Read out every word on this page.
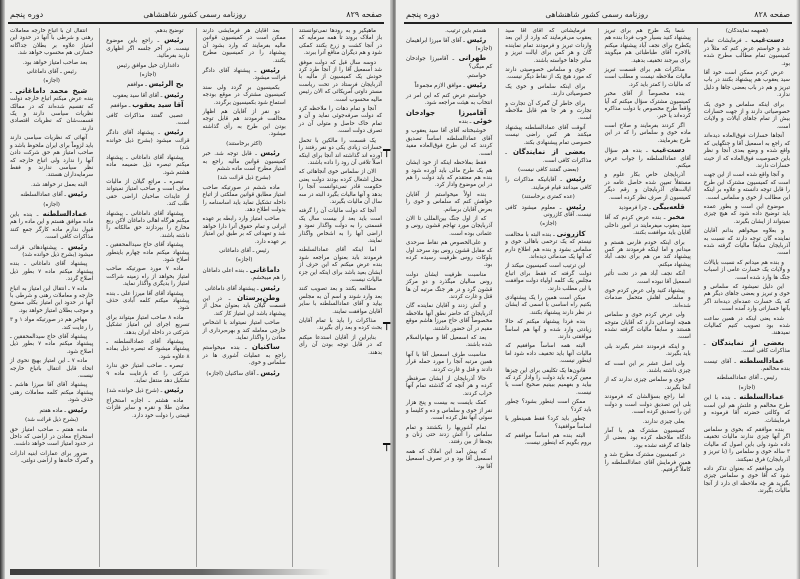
صفحه ۸۲۹
روزنامه رسمی کشور شاهنشاهی
دوره پنجم

ماهیگیر و به رودها نمی‌توانستند باز املاک بروند تا همه سرمایه که در آنجا کشت و زرع بکنند کمکی شود و هم دیگران منافع آنرا ببرند.

دوسه سال قبل که دولت موفق شد اسمعیل آقا را از آنجا طرد کرد خودش یک کمیسیون از مالیه با آذربایجان فرستاد در تحت ریاست مستر داوتی آمریکائی که الان رئیس مالیه محسوب است.

آنجا و تمام دهات را ملاحظه کرد که دولت صرفه‌جوئی نماید و آن و تمام خاک حاصل و متولی آن در تصرف دولت است.

یک قسمت را مالکین با تحمل خسارات زیادی یکی دو نفر رفتند را آورده اند گذاشته اند آنجا برای اینکه اصلاً تلافی آن رود را داده باشند.

الان از سلماس خوی آنجاهائی که محل اشغال کرده بودند دولت یعنی حکومت قادر نمی‌توانست آنجا را بدهد و آنها مالیات بگیرد البته در سه سال آن مالیات بگیرند.

آنجا که دولت مالیات آن را گرفته است باید بعد از بیست سال یک قسمتی را به دولت واگذار نمود و اراضی آنها را به اشخاص واگذار نمایند.

اما اینکه آقای عمادالسلطنه فرمودند باید بعنوان مراجعه شود بنده عرض میکنم که این حرف از ایشان بعید باشد برای اینکه این جزء مالیات نیست.

مطالعه بکنند و بعد تصویب کنند بعد وارد شوند و اسم آن به مجلس بیاید و آقای عمادالسلطنه با سایر آقایان موافقت نمایند.

مذاکرات را باید با تمام آقایان بحث کرده و بعد رأی بگیرند.

بنابراین از آقایان استدعا میکنم که در قابل توجه بودن آن رأی بدهند.

بعد آقایان هر فرمایشی دارند ممکن است در کمیسیون قوانین مالیه بفرمایند که وارد بشود آن پیشنهاد را در کمیسیون مطرح بکنند.

رئیس ـ پیشنهاد آقای دادگر قرائت میشود.

بکمیسیون بر گردد ولی سند کمیسیون مشترک در موقع بودجه استماع شود بکمیسیون برگردد.

دو نفر از آقایان هم اظهار مخالفت فرمودند هم قابل توجه بودن این طرح به رأی گذاشته میشود.

(اکثر برخاستند)

رئیس ـ قابل توجه شد. خبر کمیسیون قوانین مالیه راجع به امتیاز مطرح است ماده ششم

(بشرح ذیل قرائت شد)

ماده ششم در صورتیکه صاحب امتیاز مطابق قوانین مملکتی از اتباع داخله تشکیل نماید باید اساسنامه را بدولت اطلاع دهد.

صاحب امتیاز وارد رابطه بر عهده ایرانی و تمام حقوق آنرا دارا خواهد شد و تعهداتی که بر طبق این امتیاز بر عهده دارد.

رئیس ـ آقای داماغانی

(اجازه)

داماغانی ـ بنده اعلی داماغان را هم میبخشم.

رئیس ـ پیشنهاد آقای داماغانی

وطن‌پرستان ـ در این قسمت گیلان باید بعنوان محل از پیشنهاد باشد این امتیاز کار کند.

صاحب امتیاز نمیتواند با اشخاص خارجی معامله کند و بهره‌برداری از معادن را واگذار نماید.

ساکنیان ـ بنده میخواستم راجع به عملیات آشوری ها در سلماس و خوی.

رئیس ـ آقای ساکنیان (اجازه)

توضیح بدهم.

رئیس ـ راجع باین موضوع نیست. در آخر جلسه اگر اظهاری دارید بفرمائید.

داغداران خیل موافق رئیس

(اجازه)

یح الرئیس ـ موافقم

رئیس ـ آقای آقا سید یعقوب

آقا سید یعقوب ـ موافقم

عصبی گفتند مذاکرات کافی است.

رئیس ـ پیشنهاد آقای دادگر قرائت میشود (بشرح ذیل خوانده شد)

پیشنهاد آقای داماغانی ـ پیشنهاد میکنم تبصره ذیل ضمیمه ماده هشتم شود.

تبصره ـ مراتع گیلان از مالیات معاف است و صاحب امتیاز نمیتواند از عایدات صاحبان اراضی حقی طلب کند.

پیشنهاد آقای داماغانی ـ پیشنهاد میکنم هرگاه اهالی داماغان لاکن ربع مخارج را بپردازند حق مالکانه را داشته باشند.

پیشنهاد آقای حاج سیدالمحققین ـ پیشنهاد میکنم ماده چهارم باینطور اصلاح شود.

ماده ۷ مورد صورتیکه صاحب امتیاز بخواهد از راه زمینه شراکت امتیاز را بدیگری واگذار نماید.

پیشنهاد آقای آقا میرزا علی ـ بنده پیشنهاد میکنم کلمه آبادی حذف شود.

ماده ۸ صاحب امتیاز میتواند برای تسریع اجرای این امتیاز تشکیل شرکتی در داخله ایران بدهد.

پیشنهاد آقای عمادالسلطنه ـ پیشنهاد میشود که تبصره ذیل بماده ۸ علاوه شود.

تبصره ـ صاحب امتیاز حق ندارد شرکتی را که بارعایت ماده ۹ تشکیل دهد منتقل نماید.

رئیس ـ (شرح ذیل خوانده شد)

ماده هشتم ـ اجازه استخراج معادن طلا و نقره و سایر فلزات قیمتی را دولت خود دارد.

انتقال آن با اتباع خارجه معاملات رهنی و شرطی با آنها در حدود این امتیاز علاوه بر بطلان جداگانه خسارتی هم محسوب خواهد شد.

بعد صاحب امتیاز خواهد بود.

رئیس ـ آقای داماغانی

(اجازه)

شیخ محمد داماغانی ـ بنده عرض میکنم اتباع خارجه دولت که تقسیم شده‌اند که در ممالک نظریات سیاسی دارند و یک قسمت‌شان که نظریات اقتصادی دارند.

آنهائی که نظریات سیاسی دارند باید لزوماً برای ایران ملحوظ باشد و صاحب امتیاز هم حق شرکت دادن آنها را ندارد ولی اتباع خارجه که نظر سیاسی ندارند و فقط سرمایه‌داران هستند.

البته بعمل تر خواهد شد.

رئیس ـ آقای عمادالسلطنه

(اجازه)

عمادالسلطنه ـ بنده باین ماده موافق هستم و این ماده را هم قبول ندارم ماده کارگر جمع کنند مذاکرات کافی است.

رئیس ـ پیشنهادهائی قرائت میشود (بشرح ذیل خوانده شد)

پیشنهاد آقای داماغانی ـ بنده پیشنهاد میکنم ماده ۷ بطور ذیل اصلاح گردد.

ماده ۷ ـ انتقال این امتیاز به اتباع خارجه و معاملات رهنی و شرطی با آنها در حدود این امتیاز بکلی ممنوع و موجب بطلان امتیاز خواهد بود.

مهاجر هم در صورتیکه مواد ۱ و ۳ را رعایت کند.

پیشنهاد آقای حاج سیدالمحققین ـ پیشنهاد میکنم ماده ۷ بطور ذیل اصلاح شود.

ماده ۷ ـ این امتیاز بهیچ نحوی از انحاء قابل انتقال باتباع خارجه نیست.

پیشنهاد آقای آقا میرزا هاشم ـ پیشنهاد میکنم کلمه معاملات رهنی حذف شود.

رئیس ـ ماده هفتم

(بشرح ذیل قرائت شد)

ماده هفتم ـ صاحب امتیاز حق استخراج معادن در اراضی که داخل در حدود امتیاز است خواهد داشت.

ضرور برای عمارات ابنیه ادارات و گمرک خانه‌ها و اراضی دولتی.

┯
┯
┯
صفحه ۸۲۸
روزنامه رسمی کشور شاهنشاهی
دوره پنجم

(همهمه نمایندگان)

دست‌غیب ـ فرمایشات تمام شد و خواستم عرض کنم که مثلاً در کمیسیون تمام مطالب مطرح شده بود.

عرض کردم ممکن است خود آقا سید یعقوب هم پیشنهاد بکنند در باب تبریز و هم در باب بعضی جاها و دلیل ندارد.

برای اینکه سلماس و خوی یک خصوصیاتی دارند و از جهت خسارات بیش از تمام جاهای ایالات و ولایات است.

آنجاها خسارات فوق‌العاده دیده‌اند که راجع به اسمعیل آقا و جنگهایی که واقع شده و وضع بعدی آنجا و نظر باین خصوصیت فوق‌العاده که از حیث خسارات دارند.

و آنجا واقع شده است از این جهت است که کمیسیون مشترک این طرح را قابل توجه دانسته و علاوه بر اینکه این مطالب از خوی و سلماس است.

موضوع این است و بطور عمده باید توضیح داده شود که هیچ چیزی نمیتواند از ایشان بگیرند.

و بعلاوه میخواهم بدانم آقایان نماینده گان توجه دارند که نسبت به آذربایجان سابقاً مالیات گرفته شده است.

و بنده هم میدانم که نسبت بایالات و ولایات یک خسارت عامی از اسباب جنگ ها وارد شده است.

این دلیل نمیشود که سلماس و خوی و تبریز و بعضی جاهای دیگر هم که یک خسارت عمده‌ای دیده‌اند اگر بآنها خساراتی وارد آمده است.

شده یعنی اینکه در همین ساعت شده بود تصویب کنیم کمالیات نمیدهند.

بعضی از نمایندگان ـ مذاکرات کافی است.

عمادالسلطنه ـ آقای تیست بنده مخالفم.

رئیس ـ آقای عمادالسلطنه

(اجازه)

عمادالسلطنه ـ بنده با این طرح مخالفم و علتش هم این است که وکالتی حضرته آقا فرموده و فرمایشات.

بنده موافقم که بخوی و سلماس اگر آنها چیزی ندارند مالیات تخفیف داده شود ولی باین اصول که مالیات ۳ ساله خوی و سلماس را (با تبریز و آذربایجان) فرق نمیکنند.

ولی موافقم که بعنوان تذکر داده شود که آقا خوی و سلماس چیزی بگیرید هر چه ملاحظه ای دارد از آنجا مالیات بگیرند.

شما یک طرح هم برای تبریز پیشنهاد کنید بسیار خوب فردا بنده هم یکطرح برای نجف آباد پیشنهاد میکنم بالاخره آقای طباطبائی هم میگویند برای بیرجند تخفیف بدهید.

مذاکرات هم برای قسمت تبریز مالیات ملاحظه نیست و مطلب است که مالیات را کمتر باید کرد.

بنده مخصوصاً از آقای مخبر کمیسیون مشترک سؤال میکنم که آیا واقعاً طرح مخصوص با دولت مذاکره کرده‌اند یا خیر.

اگر کردند بفرمایند و صلاح است ماده خوی و سلماس را که در این طرح بفرمایند.

دست‌غیب ـ بنده هم سؤال آقای عمادالسلطنه را جواب عرض میکنم.

آذربایجان خاص بکار علوم و مستقلاً تعیین شده حاصل عامه در ایالت‌های آذربایجان و رقم دیگر کمیسیون از صرف نظر کرده است.

قلعه‌بیگی ـ چرا فرمودید

مخبر ـ بنده عرض کردم که آقا سید یعقوب میفرمایند در امور داخلی آقایان باید موافقت بکنند.

برای اینکه خودم فارس هستم و میدانم و اما اینکه فرمودند هر کس پیشنهاد کند من هم برای نجف آباد پیشنهاد میکنم.

آنکه نجف آباد هم در تحت تأثیر اسمعیل آقا نبوده است.

پیشنهاد کنید ولی عرض کردم خوی و سلماس اهلش متحمل صدمات شده‌اند.

ولی عرض کردم خوی و سلماس همچه اوضاعی دارد که آقایان متوجه هستند و سابقاً مالیات گرفته نشده است.

و اینکه فرمودند عشر بگیرند بلی باید بگیرند.

ولی اصل عشر بر این است که چیزی داشته باشند.

خوی و سلماس چیزی ندارند که از آنجا بگیرند.

اما راجع بسؤالشان که فرمودند بلی این تصدیق دولت است و دولت این را تصدیق کرده است.

بعلی چیزی ندارند.

کمیسیون مشترک هم با آمار دادگاه ملاحظه کرده بود بعضی از جاها که گرفته نشده بود.

در کمیسیون مشترک مطرح شد و همین فرمایش آقای عمادالسلطنه را کاملاً گرفتیم.

فرمایشاتی که آقای آقا سید یعقوب می‌فرمایند که وارد از این بعد واردات تبریز و فرمودند تمام نماینده گان و هر کس برای ایالت تبریز و سایر جاها خواسته باشند.

خوی و سلماس خصوصیتی دارند که مورد هیچ یک از نقاط دیگر نیست.

برای اینکه سلماس و خوی یک خصوصیاتی دارند.

برای خاطر آن گمرک آن تجارت و تجارت و هر جا هم قابل ملاحظه است.

آنوقت آقای عمادالسلطنه پیشنهاد میکنند هر کس راضی نیست خصوصی تمام پیشنهادی بکند.

بعضی از نمایندگان ـ مذاکرات کافی است.

(بعضی گفتند کافی نیست)

رئیس ـ آقایانیکه مذاکرات را کافی میدانند قیام فرمایند.

(عده کمتری برخاستند)

رئیس ـ معلوم میشود کافی نیست. آقای کازرونی

(اجازه)

کازرونی ـ بنده البته با مخالفت نیستم که یک ترحمی باهالی خوی و سلماس بشود و بنده هم اطلاع دارم که آنها یک صدماتی دیده‌اند.

این ترتیب است کمیسیون میکند از دولت گرفته که فقط برای اتباع مجلس یک کلمه اولیاء دولت موافقت با این مطلب دارند.

میکن است همین را یک پیشنهادی بکنیم راه اساسی با اسمی که ایشان در نظر دارند پیشنهاد بکنند.

بنده فردا پیشنهاد میکنم که حالا زیادتی وارد شده و آنها هم اساساً موافقتی دارند.

البته همه اساساً موافقیم که مالیات آنها باید تخفیف داده شود اما اینطور نیست.

قانون‌ها یک تکلیفی برای این چیزها معین کرده باید دولت را وادار کرد که بیاید و بفهمیم ببینیم صحیح است یا نیست.

ممکن است اینطور بشود؟ چطور باید کرد؟

چطور باید کرد؟ فقط همینطور یا اساساً موافقید؟

البته بنده هم اساساً موافقم که بروم بگویم که اینطور نیست.

هستم باین ترتیب.

رئیس ـ آقای آقا میرزا ابراهیمان (اجازه)

طهرانی ـ آقامیرزا جوادخان کم میگی؟

خواستم.

رئیس ـ موافق الازم مجموعاً

خواستم عرض کنم که این امر در انتخاب به هیئت مراجعه شود.

آقامیرزا جوادخان خوئی ـ بنده

خوشبختانه آقای آقا سید یعقوب و آقای عمادالسلطنه اساساً تصدیق کردند که این طرح فوق‌العاده مفید است.

فقط بملاحظه اینکه از خود ایشان هم یک طرح مالی باید آورده شود و بنده هم معتقدم که باید دولت را هم در این موضوع وادار کرد.

بنده اولاً میخواستم از آقایان خواهش کنم که سلماس و خوی را بعرض آقایان برسانم.

که از اول جنگ بین‌المللی تا الان آذربایجان مورد تهاجم قشون روس و عثمانی بوده است.

و علی‌الخصوص هم نقاط سرحدی که مقابل قشون روس بود سرحد اول بلوکات روس ظرفیت رسیده کرده بود.

مناسبت ظرفیت ایشان دولت روس سالیان میگذرد و دو مرکز قشون گرد و در هر جنگ مرتبه آن ها قتل و غارت کردند.

و آتش زدند و آقایان نماینده گان آذربایجان که حاضر نطق آنها ملاحظه مخصوصاً آقای حاج میرزا هاشم موقع مقیم در آن حضور داشتند.

بعد که اسمعیل آقا و سهام‌السلام شده باشند.

مناسبت طرف اسمعیل آقا با آنها همین مرتبه آنجا را مورد حمله قرار دادند و قتل و غارت کردند.

حالا آذربایجان از ایشان صرفنظر کرده و هر آنچه که گذشته تمام آنها خراب کردند.

کمک بایست به بیست و پنج هزار نفر از خوی و سلماس و ده و کلیسا و سوئی آنها نقل کرده است.

تمام آشوریها را بکشتند و تمام سلماس را آتش زدند حتی زنان و بچه‌ها از بین رفتند.

که پیش آمد این املاک که همه اسمعیل آقا بود و در تصرف اسمعیل آقا بود.
